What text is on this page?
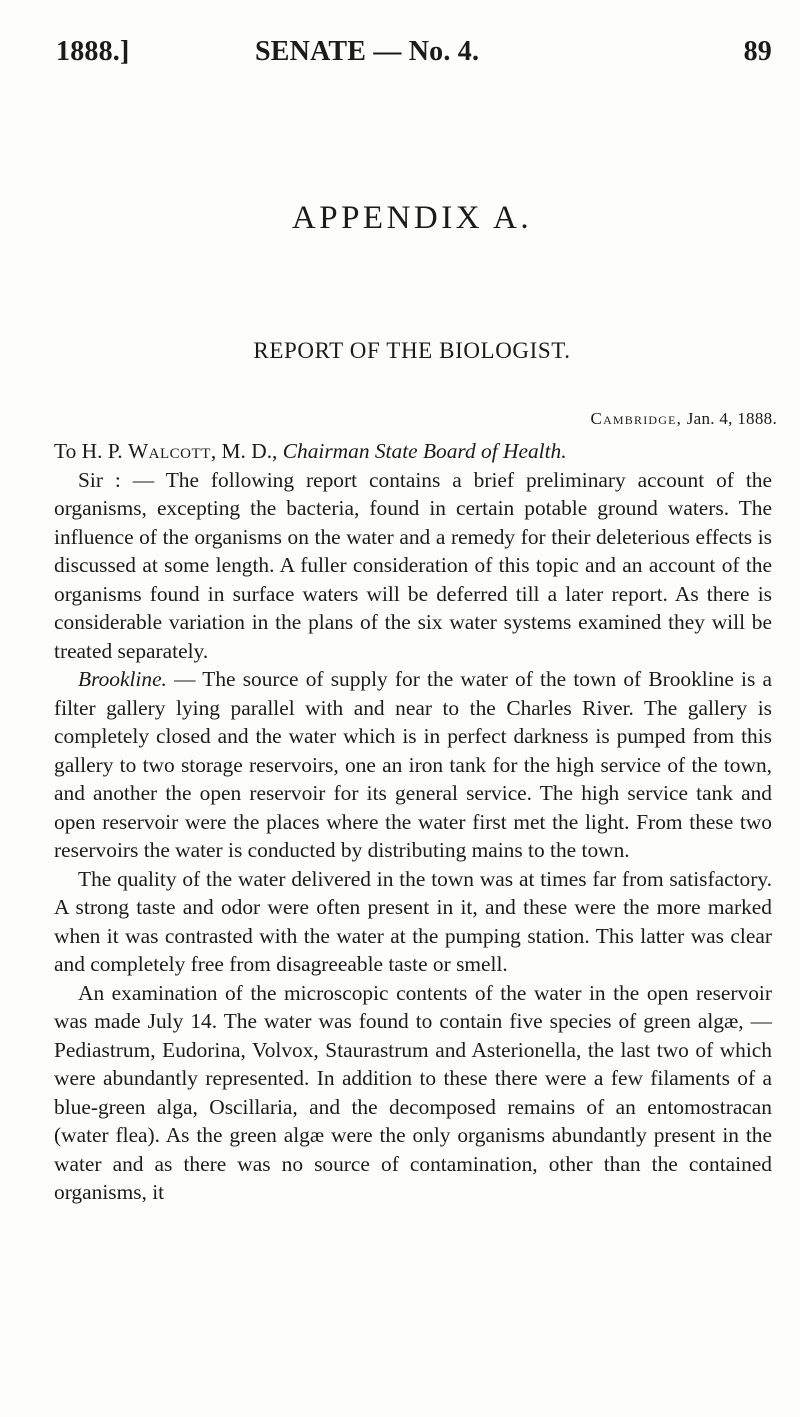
1888.]	SENATE — No. 4.	89
APPENDIX A.
REPORT OF THE BIOLOGIST.
Cambridge, Jan. 4, 1888.

To H. P. Walcott, M. D., Chairman State Board of Health.

Sir : — The following report contains a brief preliminary account of the organisms, excepting the bacteria, found in certain potable ground waters. The influence of the organisms on the water and a remedy for their deleterious effects is discussed at some length. A fuller consideration of this topic and an account of the organisms found in surface waters will be deferred till a later report. As there is considerable variation in the plans of the six water systems examined they will be treated separately.

Brookline. — The source of supply for the water of the town of Brookline is a filter gallery lying parallel with and near to the Charles River. The gallery is completely closed and the water which is in perfect darkness is pumped from this gallery to two storage reservoirs, one an iron tank for the high service of the town, and another the open reservoir for its general service. The high service tank and open reservoir were the places where the water first met the light. From these two reservoirs the water is conducted by distributing mains to the town.

The quality of the water delivered in the town was at times far from satisfactory. A strong taste and odor were often present in it, and these were the more marked when it was contrasted with the water at the pumping station. This latter was clear and completely free from disagreeable taste or smell.

An examination of the microscopic contents of the water in the open reservoir was made July 14. The water was found to contain five species of green algæ, — Pediastrum, Eudorina, Volvox, Staurastrum and Asterionella, the last two of which were abundantly represented. In addition to these there were a few filaments of a blue-green alga, Oscillaria, and the decomposed remains of an entomostracan (water flea). As the green algæ were the only organisms abundantly present in the water and as there was no source of contamination, other than the contained organisms, it
